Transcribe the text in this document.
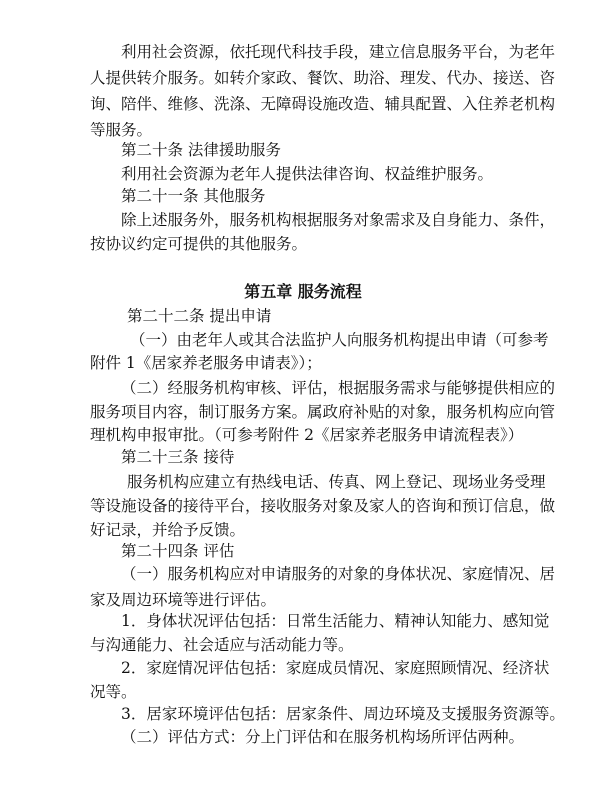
利用社会资源，依托现代科技手段，建立信息服务平台，为老年
人提供转介服务。如转介家政、餐饮、助浴、理发、代办、接送、咨
询、陪伴、维修、洗涤、无障碍设施改造、辅具配置、入住养老机构
等服务。
第二十条 法律援助服务
利用社会资源为老年人提供法律咨询、权益维护服务。
第二十一条 其他服务
除上述服务外，服务机构根据服务对象需求及自身能力、条件，
按协议约定可提供的其他服务。
第五章 服务流程
第二十二条 提出申请
（一）由老年人或其合法监护人向服务机构提出申请（可参考
附件 1《居家养老服务申请表》）；
（二）经服务机构审核、评估，根据服务需求与能够提供相应的
服务项目内容，制订服务方案。属政府补贴的对象，服务机构应向管
理机构申报审批。（可参考附件 2《居家养老服务申请流程表》）
第二十三条 接待
服务机构应建立有热线电话、传真、网上登记、现场业务受理
等设施设备的接待平台，接收服务对象及家人的咨询和预订信息，做
好记录，并给予反馈。
第二十四条 评估
（一）服务机构应对申请服务的对象的身体状况、家庭情况、居
家及周边环境等进行评估。
1．身体状况评估包括：日常生活能力、精神认知能力、感知觉
与沟通能力、社会适应与活动能力等。
2．家庭情况评估包括：家庭成员情况、家庭照顾情况、经济状
况等。
3．居家环境评估包括：居家条件、周边环境及支援服务资源等。
（二）评估方式：分上门评估和在服务机构场所评估两种。
